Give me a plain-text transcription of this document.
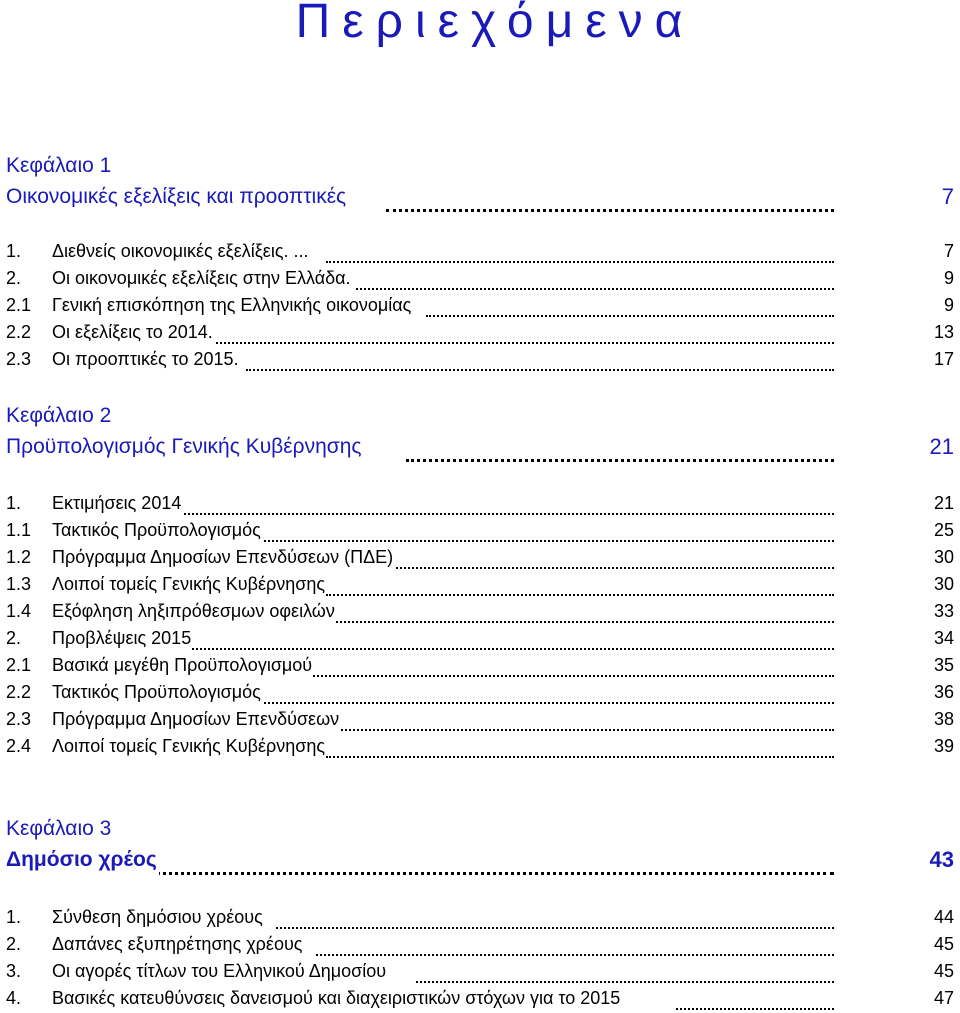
Περιεχόμενα
Κεφάλαιο 1
Οικονομικές εξελίξεις και προοπτικές	7
1. Διεθνείς οικονομικές εξελίξεις. ...	7
2. Οι οικονομικές εξελίξεις στην Ελλάδα.	9
2.1 Γενική επισκόπηση της Ελληνικής οικονομίας	9
2.2 Οι εξελίξεις το 2014.	13
2.3 Οι προοπτικές το 2015.	17
Κεφάλαιο 2
Προϋπολογισμός Γενικής Κυβέρνησης	21
1. Εκτιμήσεις 2014	21
1.1 Τακτικός Προϋπολογισμός	25
1.2 Πρόγραμμα Δημοσίων Επενδύσεων (ΠΔΕ)	30
1.3 Λοιποί τομείς Γενικής Κυβέρνησης	30
1.4 Εξόφληση ληξιπρόθεσμων οφειλών	33
2. Προβλέψεις 2015	34
2.1 Βασικά μεγέθη Προϋπολογισμού	35
2.2 Τακτικός Προϋπολογισμός	36
2.3 Πρόγραμμα Δημοσίων Επενδύσεων	38
2.4 Λοιποί τομείς Γενικής Κυβέρνησης	39
Κεφάλαιο 3
Δημόσιο χρέος	43
1. Σύνθεση δημόσιου χρέους	44
2. Δαπάνες εξυπηρέτησης χρέους	45
3. Οι αγορές τίτλων του Ελληνικού Δημοσίου	45
4. Βασικές κατευθύνσεις δανεισμού και διαχειριστικών στόχων για το 2015	47
